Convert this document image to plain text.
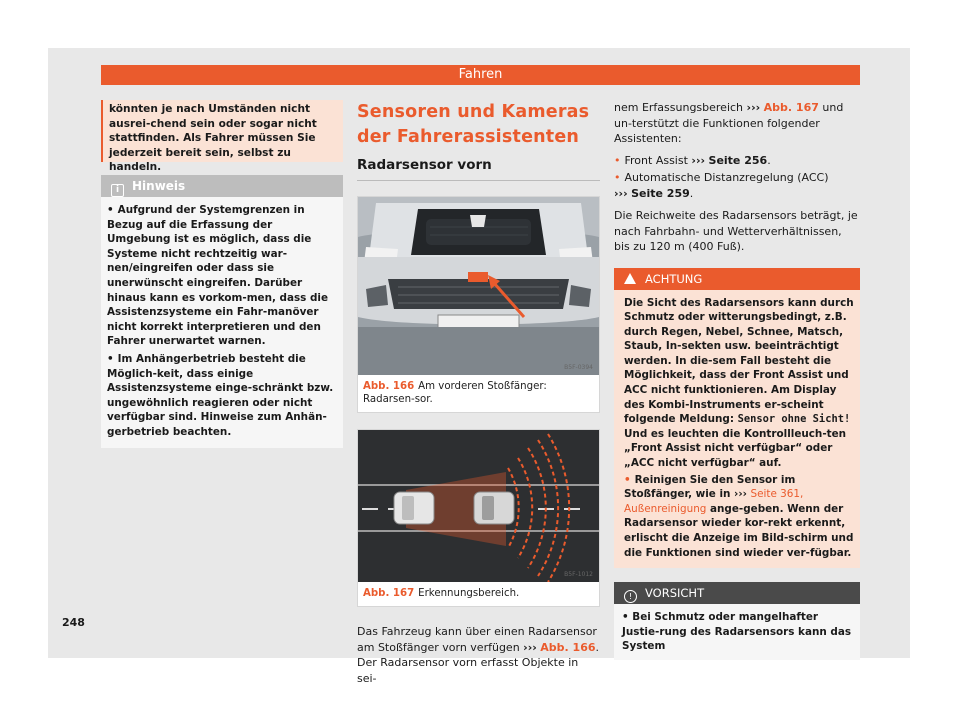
Fahren
könnten je nach Umständen nicht ausrei-chend sein oder sogar nicht stattfinden. Als Fahrer müssen Sie jederzeit bereit sein, selbst zu handeln.
i Hinweis

• Aufgrund der Systemgrenzen in Bezug auf die Erfassung der Umgebung ist es möglich, dass die Systeme nicht rechtzeitig war-nen/eingreifen oder dass sie unerwünscht eingreifen. Darüber hinaus kann es vorkom-men, dass die Assistenzsysteme ein Fahr-manöver nicht korrekt interpretieren und den Fahrer unerwartet warnen.

• Im Anhängerbetrieb besteht die Möglich-keit, dass einige Assistenzsysteme einge-schränkt bzw. ungewöhnlich reagieren oder nicht verfügbar sind. Hinweise zum Anhän-gerbetrieb beachten.

Sensoren und Kameras der Fahrerassistenten
Radarsensor vorn
B5F-0394
Abb. 166 Am vorderen Stoßfänger: Radarsen-sor.
B5F-1012
Abb. 167 Erkennungsbereich.
Das Fahrzeug kann über einen Radarsensor am Stoßfänger vorn verfügen ››› Abb. 166. Der Radarsensor vorn erfasst Objekte in sei-
nem Erfassungsbereich ››› Abb. 167 und un-terstützt die Funktionen folgender Assistenten:
• Front Assist ››› Seite 256.
• Automatische Distanzregelung (ACC)
››› Seite 259.
Die Reichweite des Radarsensors beträgt, je nach Fahrbahn- und Wetterverhältnissen, bis zu 120 m (400 Fuß).
ACHTUNG

Die Sicht des Radarsensors kann durch Schmutz oder witterungsbedingt, z.B. durch Regen, Nebel, Schnee, Matsch, Staub, In-sekten usw. beeinträchtigt werden. In die-sem Fall besteht die Möglichkeit, dass der Front Assist und ACC nicht funktionieren. Am Display des Kombi-Instruments er-scheint folgende Meldung: Sensor ohne Sicht! Und es leuchten die Kontrollleuch-ten „Front Assist nicht verfügbar“ oder „ACC nicht verfügbar“ auf.

• Reinigen Sie den Sensor im Stoßfänger, wie in ››› Seite 361, Außenreinigung ange-geben. Wenn der Radarsensor wieder kor-rekt erkennt, erlischt die Anzeige im Bild-schirm und die Funktionen sind wieder ver-fügbar.

! VORSICHT
• Bei Schmutz oder mangelhafter Justie-rung des Radarsensors kann das System
248
